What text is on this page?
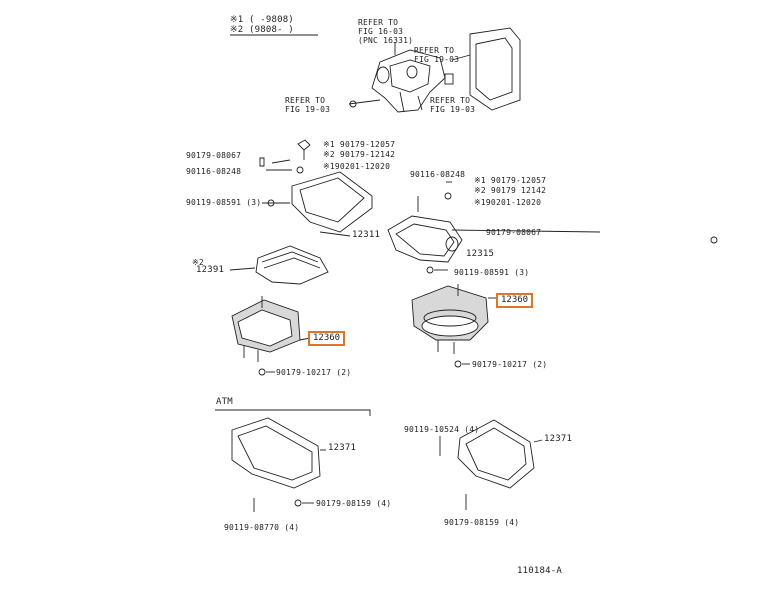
※1 ( -9808)
※2 (9808- )
REFER TO
FIG 16-03
(PNC 16331)
REFER TO
FIG 19-03
REFER TO
FIG 19-03
REFER TO
FIG 19-03
90179-08067
※1 90179-12057
※2 90179-12142
90116-08248
※190201-12020
90119-08591 (3)
12311
※2
12391
12360
90179-10217 (2)
90116-08248
※1 90179-12057
※2 90179 12142
※190201-12020
90179-08067
12315
90119-08591 (3)
12360
90179-10217 (2)
ATM
12371
90179-08159 (4)
90119-08770 (4)
90119-10524 (4)
12371
90179-08159 (4)
110184-A
